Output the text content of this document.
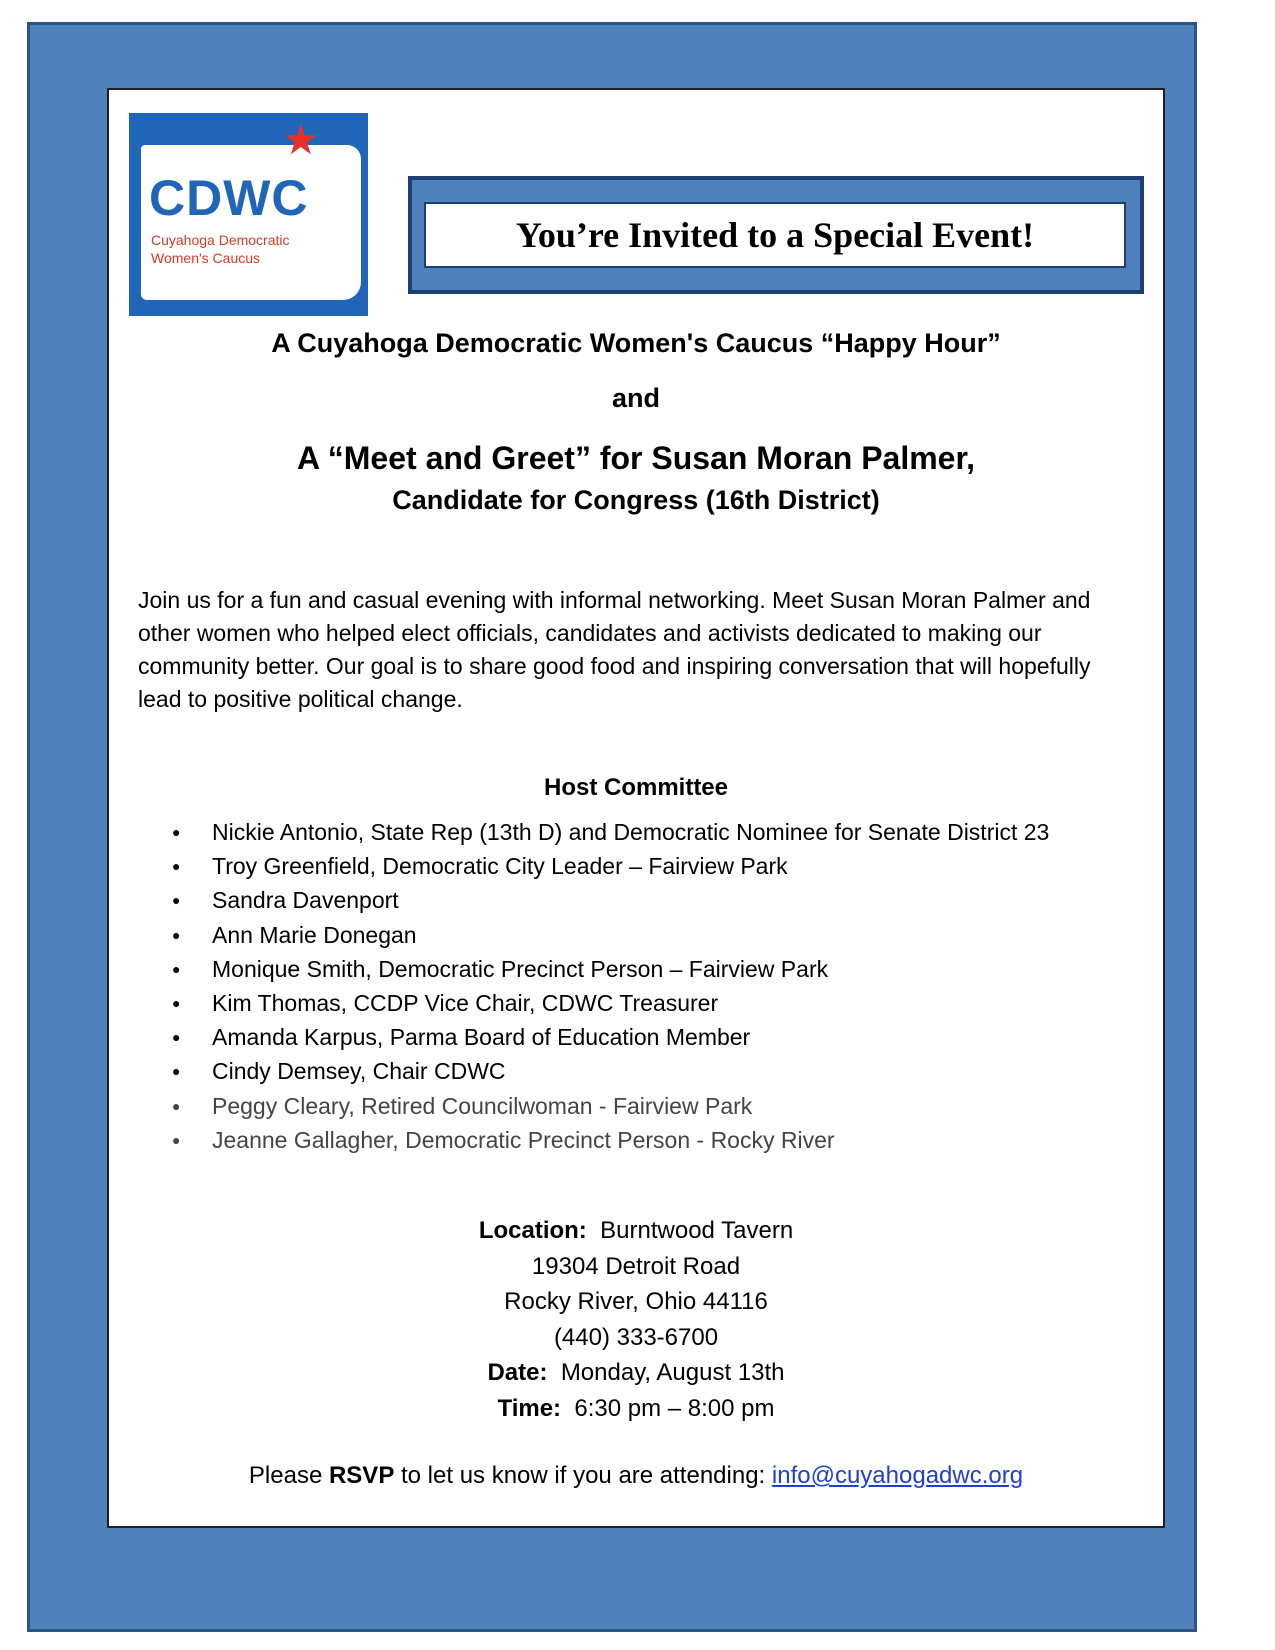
★
CDWC
Cuyahoga Democratic
Women's Caucus
You’re Invited to a Special Event!
A Cuyahoga Democratic Women's Caucus “Happy Hour”
and
A “Meet and Greet” for Susan Moran Palmer,
Candidate for Congress (16th District)
Join us for a fun and casual evening with informal networking. Meet Susan Moran Palmer and other women who helped elect officials, candidates and activists dedicated to making our community better. Our goal is to share good food and inspiring conversation that will hopefully lead to positive political change.
Host Committee
● Nickie Antonio, State Rep (13th D) and Democratic Nominee for Senate District 23
● Troy Greenfield, Democratic City Leader – Fairview Park
● Sandra Davenport
● Ann Marie Donegan
● Monique Smith, Democratic Precinct Person – Fairview Park
● Kim Thomas, CCDP Vice Chair, CDWC Treasurer
● Amanda Karpus, Parma Board of Education Member
● Cindy Demsey, Chair CDWC
● Peggy Cleary, Retired Councilwoman - Fairview Park
● Jeanne Gallagher, Democratic Precinct Person - Rocky River
Location: Burntwood Tavern
19304 Detroit Road
Rocky River, Ohio 44116
(440) 333-6700
Date: Monday, August 13th
Time: 6:30 pm – 8:00 pm
Please RSVP to let us know if you are attending: info@cuyahogadwc.org
